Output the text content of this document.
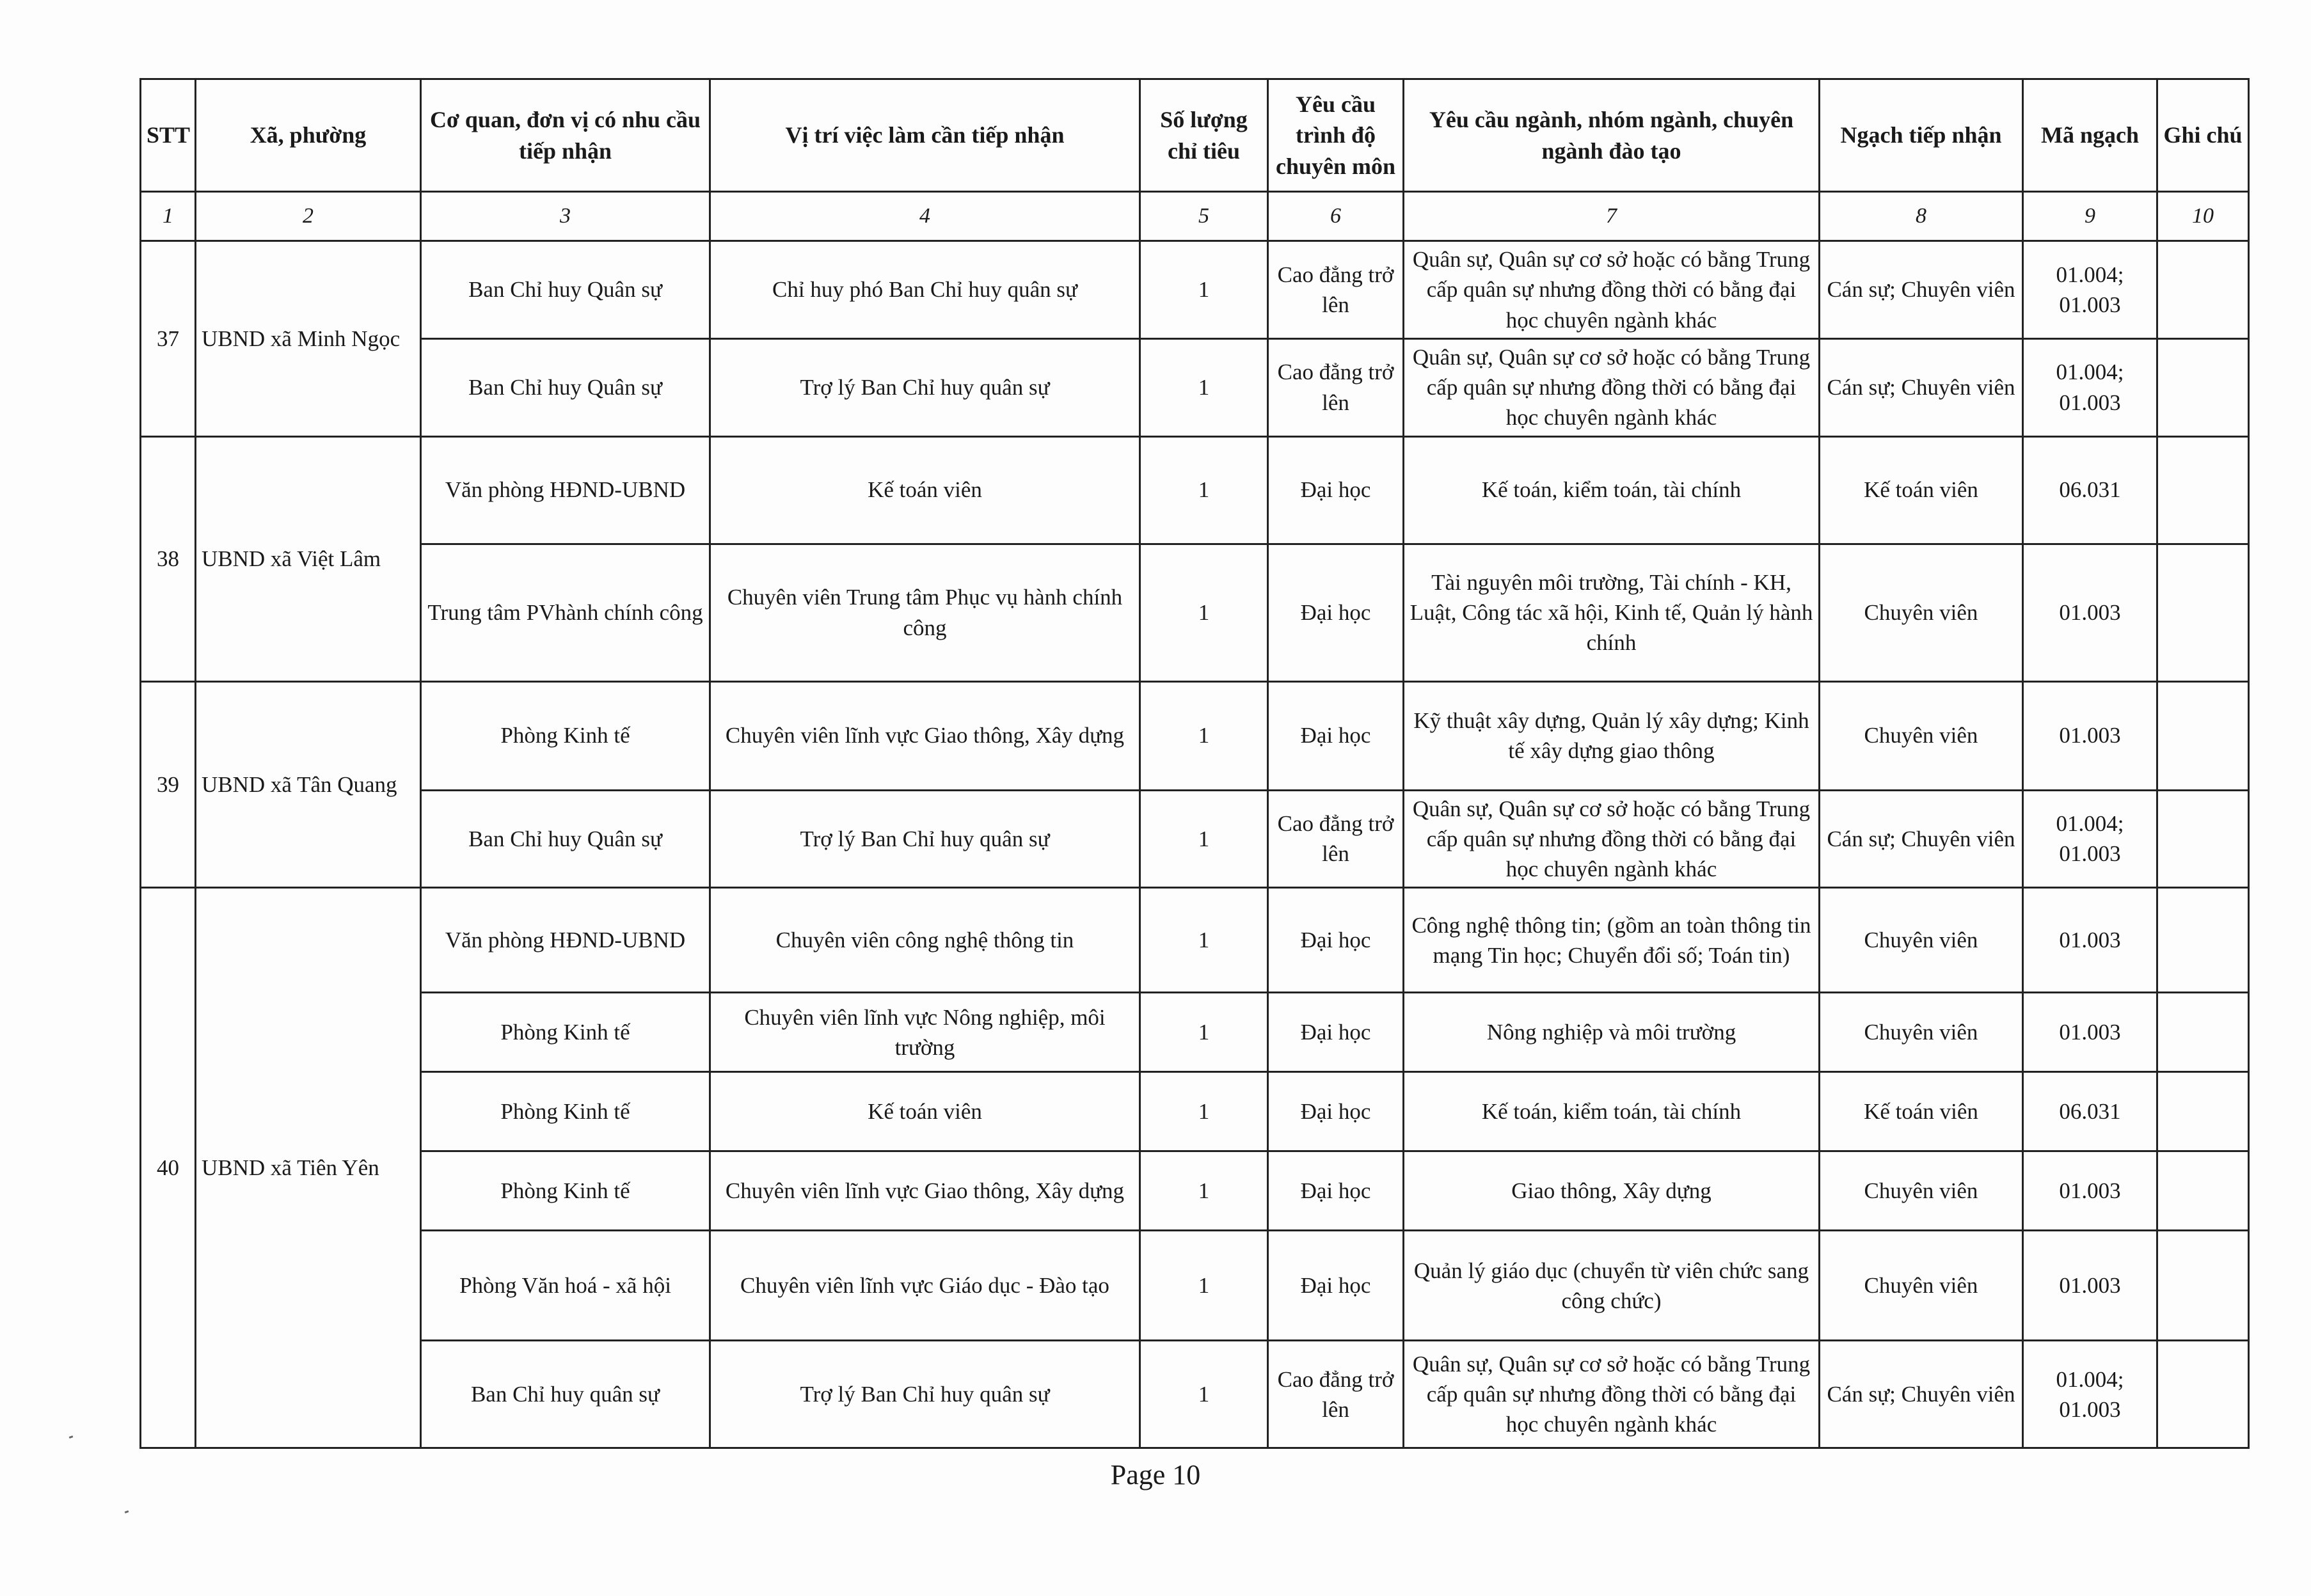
STT	Xã, phường	Cơ quan, đơn vị có nhu cầu tiếp nhận	Vị trí việc làm cần tiếp nhận	Số lượng chỉ tiêu	Yêu cầu trình độ chuyên môn	Yêu cầu ngành, nhóm ngành, chuyên ngành đào tạo	Ngạch tiếp nhận	Mã ngạch	Ghi chú
1	2	3	4	5	6	7	8	9	10
37	UBND xã Minh Ngọc	Ban Chỉ huy Quân sự	Chỉ huy phó Ban Chỉ huy quân sự	1	Cao đẳng trở lên	Quân sự, Quân sự cơ sở hoặc có bằng Trung cấp quân sự nhưng đồng thời có bằng đại học chuyên ngành khác	Cán sự; Chuyên viên	01.004; 01.003	
		Ban Chỉ huy Quân sự	Trợ lý Ban Chỉ huy quân sự	1	Cao đẳng trở lên	Quân sự, Quân sự cơ sở hoặc có bằng Trung cấp quân sự nhưng đồng thời có bằng đại học chuyên ngành khác	Cán sự; Chuyên viên	01.004; 01.003	
38	UBND xã Việt Lâm	Văn phòng HĐND-UBND	Kế toán viên	1	Đại học	Kế toán, kiểm toán, tài chính	Kế toán viên	06.031	
		Trung tâm PVhành chính công	Chuyên viên Trung tâm Phục vụ hành chính công	1	Đại học	Tài nguyên môi trường, Tài chính - KH, Luật, Công tác xã hội, Kinh tế, Quản lý hành chính	Chuyên viên	01.003	
39	UBND xã Tân Quang	Phòng Kinh tế	Chuyên viên lĩnh vực Giao thông, Xây dựng	1	Đại học	Kỹ thuật xây dựng, Quản lý xây dựng; Kinh tế xây dựng giao thông	Chuyên viên	01.003	
		Ban Chỉ huy Quân sự	Trợ lý Ban Chỉ huy quân sự	1	Cao đẳng trở lên	Quân sự, Quân sự cơ sở hoặc có bằng Trung cấp quân sự nhưng đồng thời có bằng đại học chuyên ngành khác	Cán sự; Chuyên viên	01.004; 01.003	
40	UBND xã Tiên Yên	Văn phòng HĐND-UBND	Chuyên viên công nghệ thông tin	1	Đại học	Công nghệ thông tin; (gồm an toàn thông tin mạng Tin học; Chuyển đổi số; Toán tin)	Chuyên viên	01.003	
		Phòng Kinh tế	Chuyên viên lĩnh vực Nông nghiệp, môi trường	1	Đại học	Nông nghiệp và môi trường	Chuyên viên	01.003	
		Phòng Kinh tế	Kế toán viên	1	Đại học	Kế toán, kiểm toán, tài chính	Kế toán viên	06.031	
		Phòng Kinh tế	Chuyên viên lĩnh vực Giao thông, Xây dựng	1	Đại học	Giao thông, Xây dựng	Chuyên viên	01.003	
		Phòng Văn hoá - xã hội	Chuyên viên lĩnh vực Giáo dục - Đào tạo	1	Đại học	Quản lý giáo dục (chuyển từ viên chức sang công chức)	Chuyên viên	01.003	
		Ban Chỉ huy quân sự	Trợ lý Ban Chỉ huy quân sự	1	Cao đẳng trở lên	Quân sự, Quân sự cơ sở hoặc có bằng Trung cấp quân sự nhưng đồng thời có bằng đại học chuyên ngành khác	Cán sự; Chuyên viên	01.004; 01.003	
Page 10
